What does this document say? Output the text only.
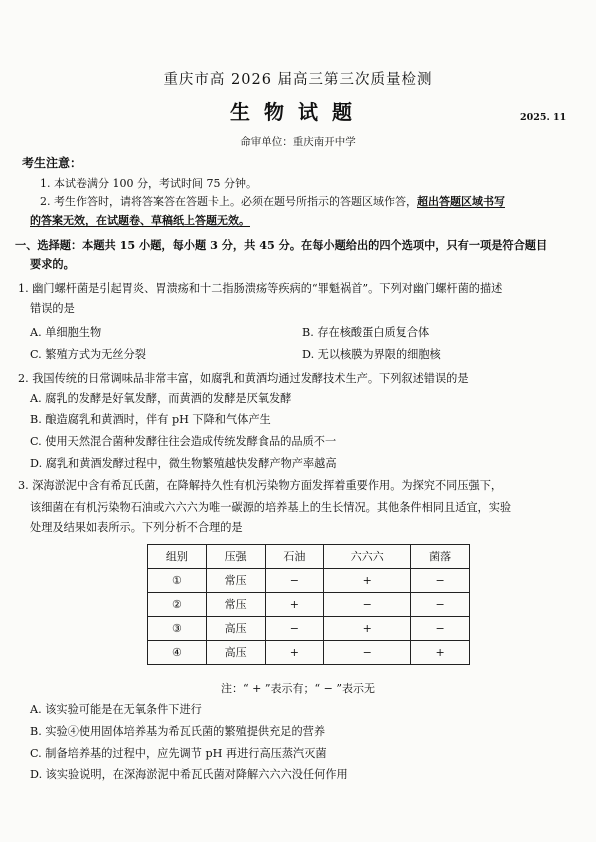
重庆市高 2026 届高三第三次质量检测
生物试题	2025. 11
命审单位：重庆南开中学
考生注意：
1. 本试卷满分 100 分，考试时间 75 分钟。
2. 考生作答时，请将答案答在答题卡上。必须在题号所指示的答题区域作答，超出答题区域书写
的答案无效，在试题卷、草稿纸上答题无效。
一、选择题：本题共 15 小题，每小题 3 分，共 45 分。在每小题给出的四个选项中，只有一项是符合题目
要求的。
1. 幽门螺杆菌是引起胃炎、胃溃疡和十二指肠溃疡等疾病的“罪魁祸首”。下列对幽门螺杆菌的描述
错误的是
A. 单细胞生物	B. 存在核酸蛋白质复合体
C. 繁殖方式为无丝分裂	D. 无以核膜为界限的细胞核
2. 我国传统的日常调味品非常丰富，如腐乳和黄酒均通过发酵技术生产。下列叙述错误的是
A. 腐乳的发酵是好氧发酵，而黄酒的发酵是厌氧发酵
B. 酿造腐乳和黄酒时，伴有 pH 下降和气体产生
C. 使用天然混合菌种发酵往往会造成传统发酵食品的品质不一
D. 腐乳和黄酒发酵过程中，微生物繁殖越快发酵产物产率越高
3. 深海淤泥中含有希瓦氏菌，在降解持久性有机污染物方面发挥着重要作用。为探究不同压强下，
该细菌在有机污染物石油或六六六为唯一碳源的培养基上的生长情况。其他条件相同且适宜，实验
处理及结果如表所示。下列分析不合理的是
组别	压强	石油	六六六	菌落
①	常压	−	+	−
②	常压	+	−	−
③	高压	−	+	−
④	高压	+	−	+
注：“ + ”表示有；“ − ”表示无
A. 该实验可能是在无氧条件下进行
B. 实验④使用固体培养基为希瓦氏菌的繁殖提供充足的营养
C. 制备培养基的过程中，应先调节 pH 再进行高压蒸汽灭菌
D. 该实验说明，在深海淤泥中希瓦氏菌对降解六六六没任何作用
